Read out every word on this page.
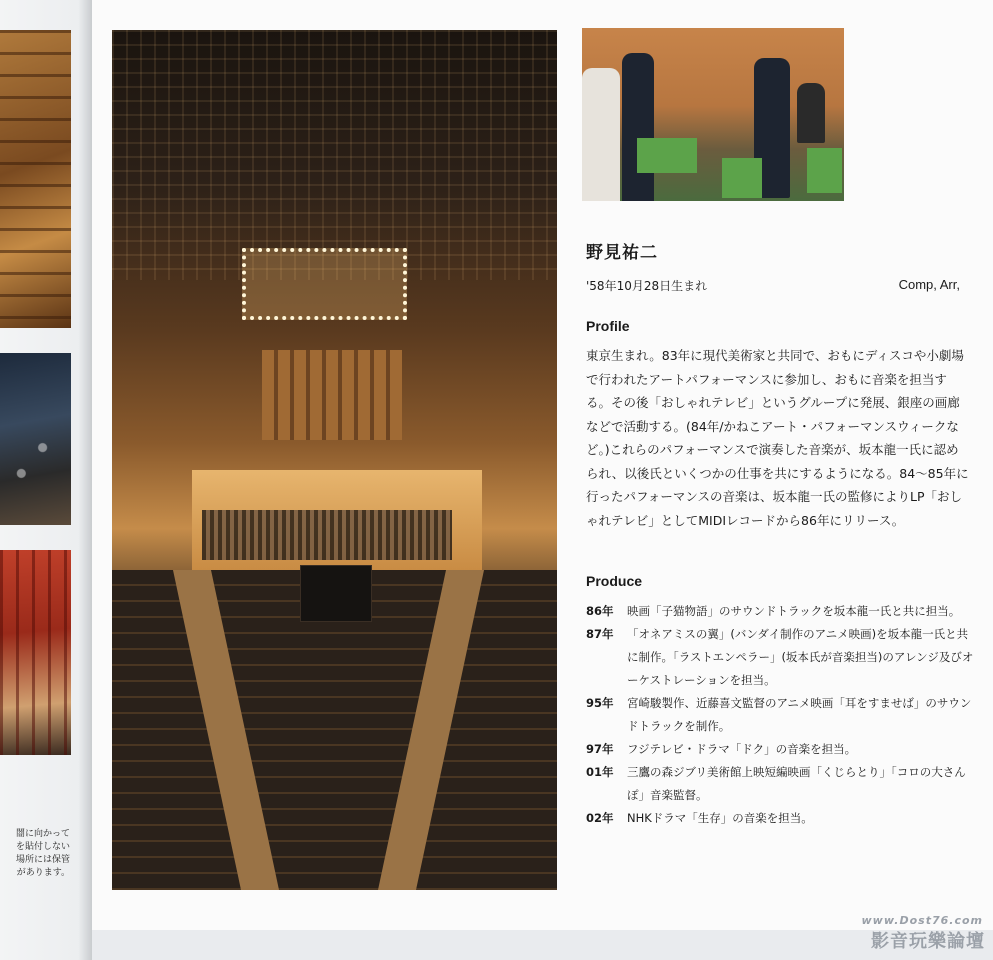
闇に向かって
を貼付しない
場所には保管
があります。
野見祐二
'58年10月28日生まれ	Comp, Arr,
Profile

東京生まれ。83年に現代美術家と共同で、おもにディスコや小劇場で行われたアートパフォーマンスに参加し、おもに音楽を担当する。その後「おしゃれテレビ」というグループに発展、銀座の画廊などで活動する。(84年/かねこアート・パフォーマンスウィークなど。)これらのパフォーマンスで演奏した音楽が、坂本龍一氏に認められ、以後氏といくつかの仕事を共にするようになる。84〜85年に行ったパフォーマンスの音楽は、坂本龍一氏の監修によりLP「おしゃれテレビ」としてMIDIレコードから86年にリリース。

Produce
86年 映画「子猫物語」のサウンドトラックを坂本龍一氏と共に担当。
87年 「オネアミスの翼」(バンダイ制作のアニメ映画)を坂本龍一氏と共に制作。「ラストエンペラー」(坂本氏が音楽担当)のアレンジ及びオーケストレーションを担当。
95年 宮崎駿製作、近藤喜文監督のアニメ映画「耳をすませば」のサウンドトラックを制作。
97年 フジテレビ・ドラマ「ドク」の音楽を担当。
01年 三鷹の森ジブリ美術館上映短編映画「くじらとり」「コロの大さんぽ」音楽監督。
02年 NHKドラマ「生存」の音楽を担当。
www.Dost76.com
影音玩樂論壇
